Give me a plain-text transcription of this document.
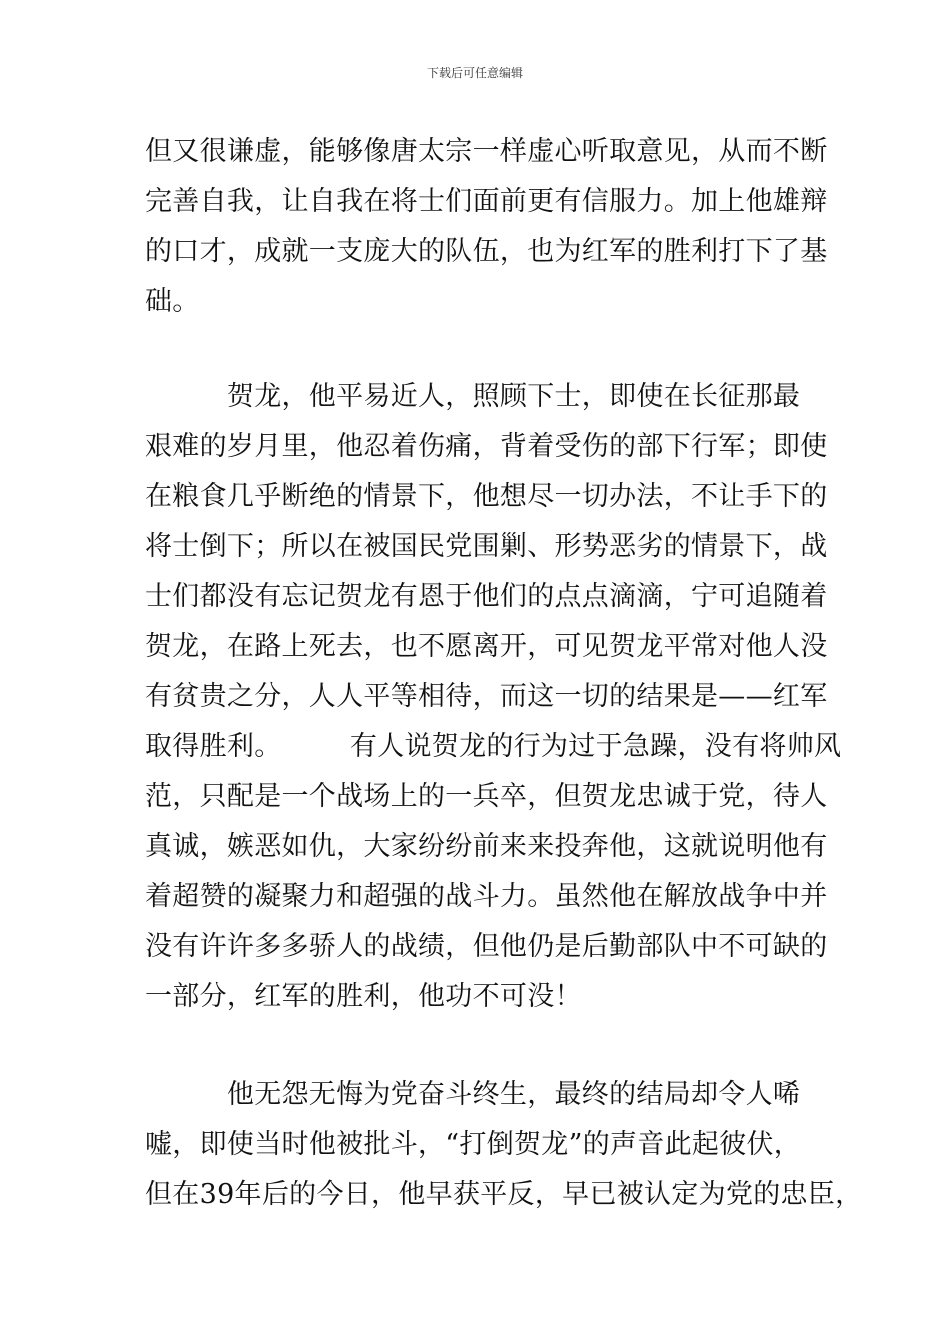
下载后可任意编辑
但又很谦虚，能够像唐太宗一样虚心听取意见，从而不断
完善自我，让自我在将士们面前更有信服力。加上他雄辩
的口才，成就一支庞大的队伍，也为红军的胜利打下了基
础。
　　　贺龙，他平易近人，照顾下士，即使在长征那最
艰难的岁月里，他忍着伤痛，背着受伤的部下行军；即使
在粮食几乎断绝的情景下，他想尽一切办法，不让手下的
将士倒下；所以在被国民党围剿、形势恶劣的情景下，战
士们都没有忘记贺龙有恩于他们的点点滴滴，宁可追随着
贺龙，在路上死去，也不愿离开，可见贺龙平常对他人没
有贫贵之分，人人平等相待，而这一切的结果是——红军
取得胜利。　　　有人说贺龙的行为过于急躁，没有将帅风
范，只配是一个战场上的一兵卒，但贺龙忠诚于党，待人
真诚，嫉恶如仇，大家纷纷前来来投奔他，这就说明他有
着超赞的凝聚力和超强的战斗力。虽然他在解放战争中并
没有许许多多骄人的战绩，但他仍是后勤部队中不可缺的
一部分，红军的胜利，他功不可没！
　　　他无怨无悔为党奋斗终生，最终的结局却令人唏
嘘，即使当时他被批斗，“打倒贺龙”的声音此起彼伏，
但在39年后的今日，他早获平反，早已被认定为党的忠臣，
